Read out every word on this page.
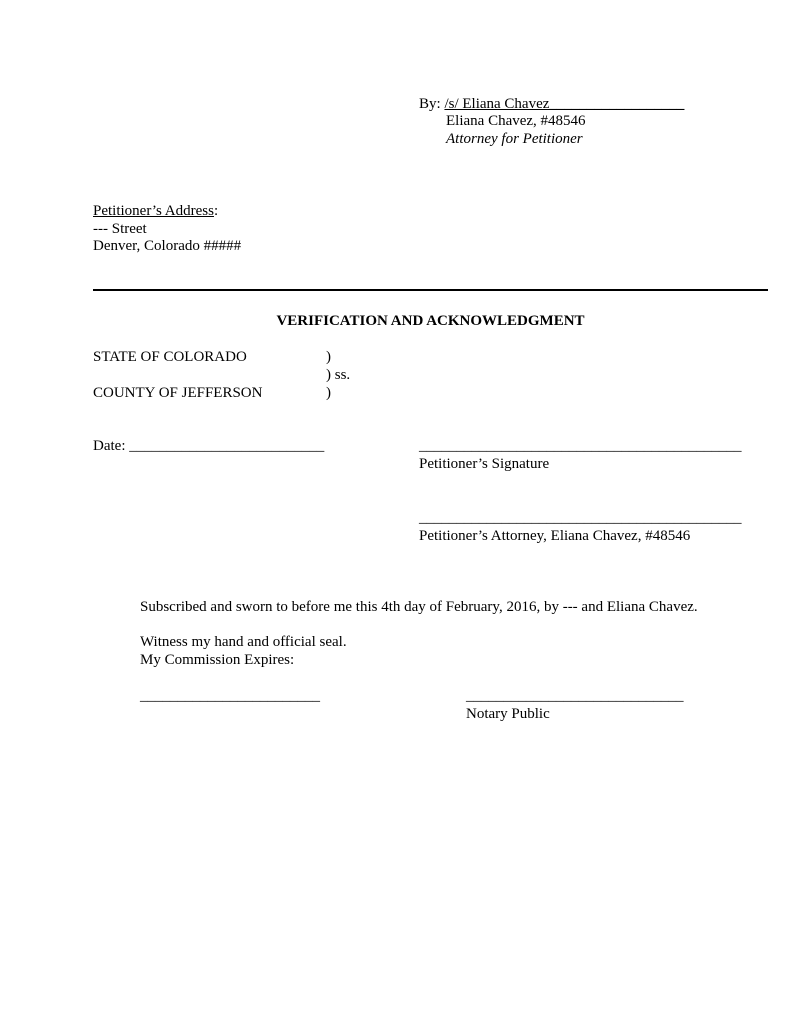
By: /s/ Eliana Chavez__________________
Eliana Chavez, #48546
Attorney for Petitioner
Petitioner’s Address:
--- Street
Denver, Colorado #####
VERIFICATION AND ACKNOWLEDGMENT
STATE OF COLORADO	)
) ss.
COUNTY OF JEFFERSON	)
Date: __________________________	___________________________________________
Petitioner’s Signature
___________________________________________
Petitioner’s Attorney, Eliana Chavez, #48546
Subscribed and sworn to before me this 4th day of February, 2016, by --- and Eliana Chavez.
Witness my hand and official seal.
My Commission Expires:
________________________	_____________________________
Notary Public
